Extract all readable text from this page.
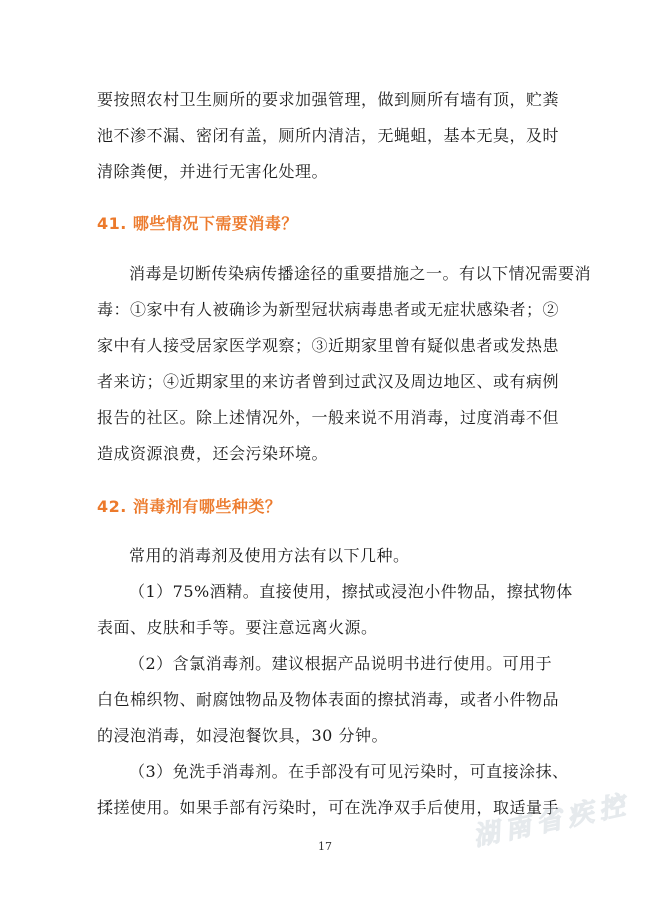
要按照农村卫生厕所的要求加强管理，做到厕所有墙有顶，贮粪
池不渗不漏、密闭有盖，厕所内清洁，无蝇蛆，基本无臭，及时
清除粪便，并进行无害化处理。
41. 哪些情况下需要消毒？
消毒是切断传染病传播途径的重要措施之一。有以下情况需要消
毒：①家中有人被确诊为新型冠状病毒患者或无症状感染者；②
家中有人接受居家医学观察；③近期家里曾有疑似患者或发热患
者来访；④近期家里的来访者曾到过武汉及周边地区、或有病例
报告的社区。除上述情况外，一般来说不用消毒，过度消毒不但
造成资源浪费，还会污染环境。
42. 消毒剂有哪些种类？
常用的消毒剂及使用方法有以下几种。
（1）75%酒精。直接使用，擦拭或浸泡小件物品，擦拭物体
表面、皮肤和手等。要注意远离火源。
（2）含氯消毒剂。建议根据产品说明书进行使用。可用于
白色棉织物、耐腐蚀物品及物体表面的擦拭消毒，或者小件物品
的浸泡消毒，如浸泡餐饮具，30 分钟。
（3）免洗手消毒剂。在手部没有可见污染时，可直接涂抹、
揉搓使用。如果手部有污染时，可在洗净双手后使用，取适量手
湖南省疾控
17
